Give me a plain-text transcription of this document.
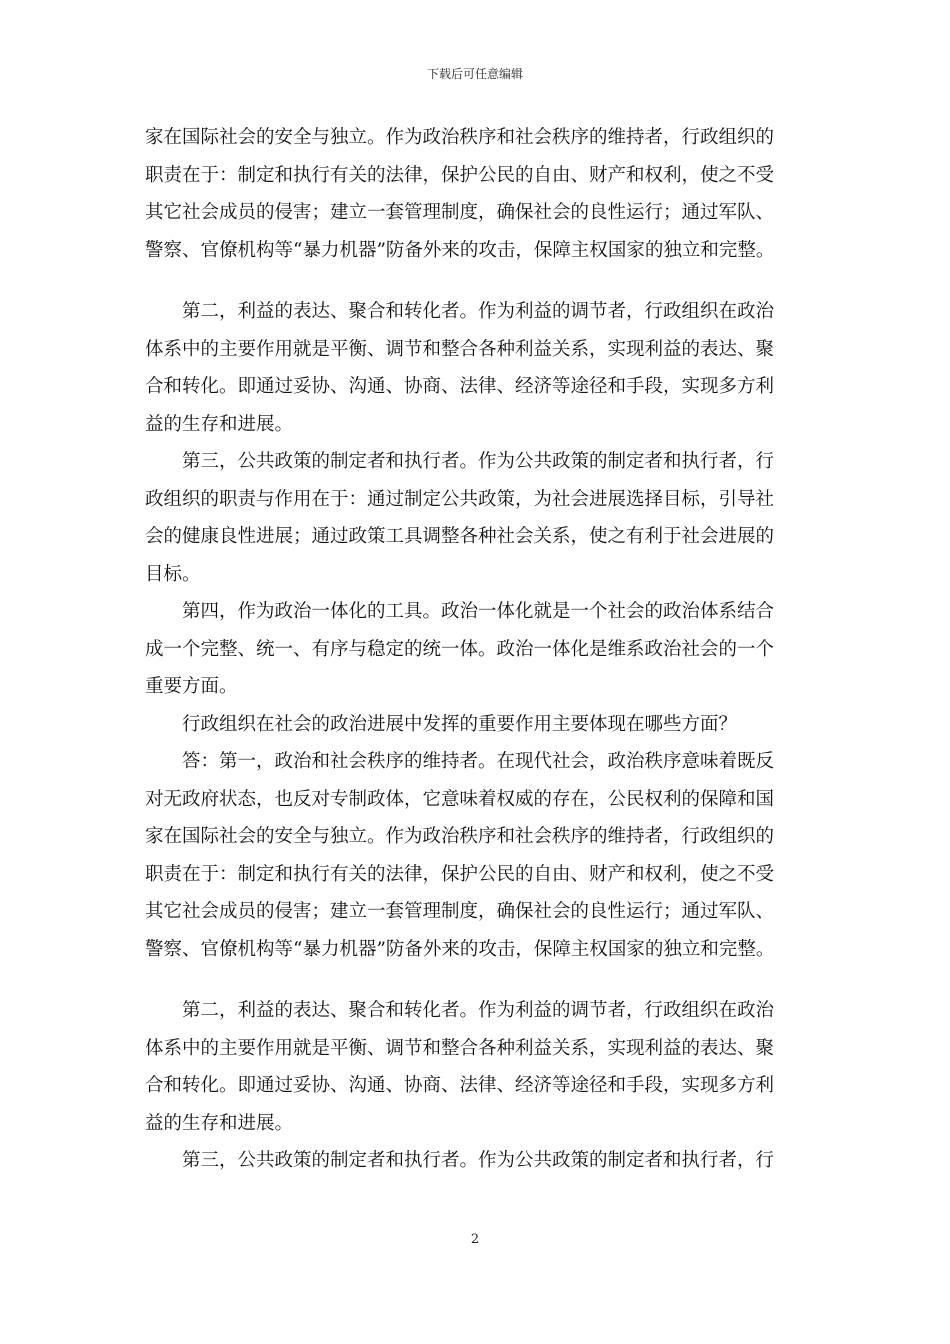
下载后可任意编辑
家在国际社会的安全与独立。作为政治秩序和社会秩序的维持者，行政组织的
职责在于：制定和执行有关的法律，保护公民的自由、财产和权利，使之不受
其它社会成员的侵害；建立一套管理制度，确保社会的良性运行；通过军队、
警察、官僚机构等“暴力机器”防备外来的攻击，保障主权国家的独立和完整。
第二，利益的表达、聚合和转化者。作为利益的调节者，行政组织在政治
体系中的主要作用就是平衡、调节和整合各种利益关系，实现利益的表达、聚
合和转化。即通过妥协、沟通、协商、法律、经济等途径和手段，实现多方利
益的生存和进展。
第三，公共政策的制定者和执行者。作为公共政策的制定者和执行者，行
政组织的职责与作用在于：通过制定公共政策，为社会进展选择目标，引导社
会的健康良性进展；通过政策工具调整各种社会关系，使之有利于社会进展的
目标。
第四，作为政治一体化的工具。政治一体化就是一个社会的政治体系结合
成一个完整、统一、有序与稳定的统一体。政治一体化是维系政治社会的一个
重要方面。
行政组织在社会的政治进展中发挥的重要作用主要体现在哪些方面？
答：第一，政治和社会秩序的维持者。在现代社会，政治秩序意味着既反
对无政府状态，也反对专制政体，它意味着权威的存在，公民权利的保障和国
家在国际社会的安全与独立。作为政治秩序和社会秩序的维持者，行政组织的
职责在于：制定和执行有关的法律，保护公民的自由、财产和权利，使之不受
其它社会成员的侵害；建立一套管理制度，确保社会的良性运行；通过军队、
警察、官僚机构等“暴力机器”防备外来的攻击，保障主权国家的独立和完整。
第二，利益的表达、聚合和转化者。作为利益的调节者，行政组织在政治
体系中的主要作用就是平衡、调节和整合各种利益关系，实现利益的表达、聚
合和转化。即通过妥协、沟通、协商、法律、经济等途径和手段，实现多方利
益的生存和进展。
第三，公共政策的制定者和执行者。作为公共政策的制定者和执行者，行
2
